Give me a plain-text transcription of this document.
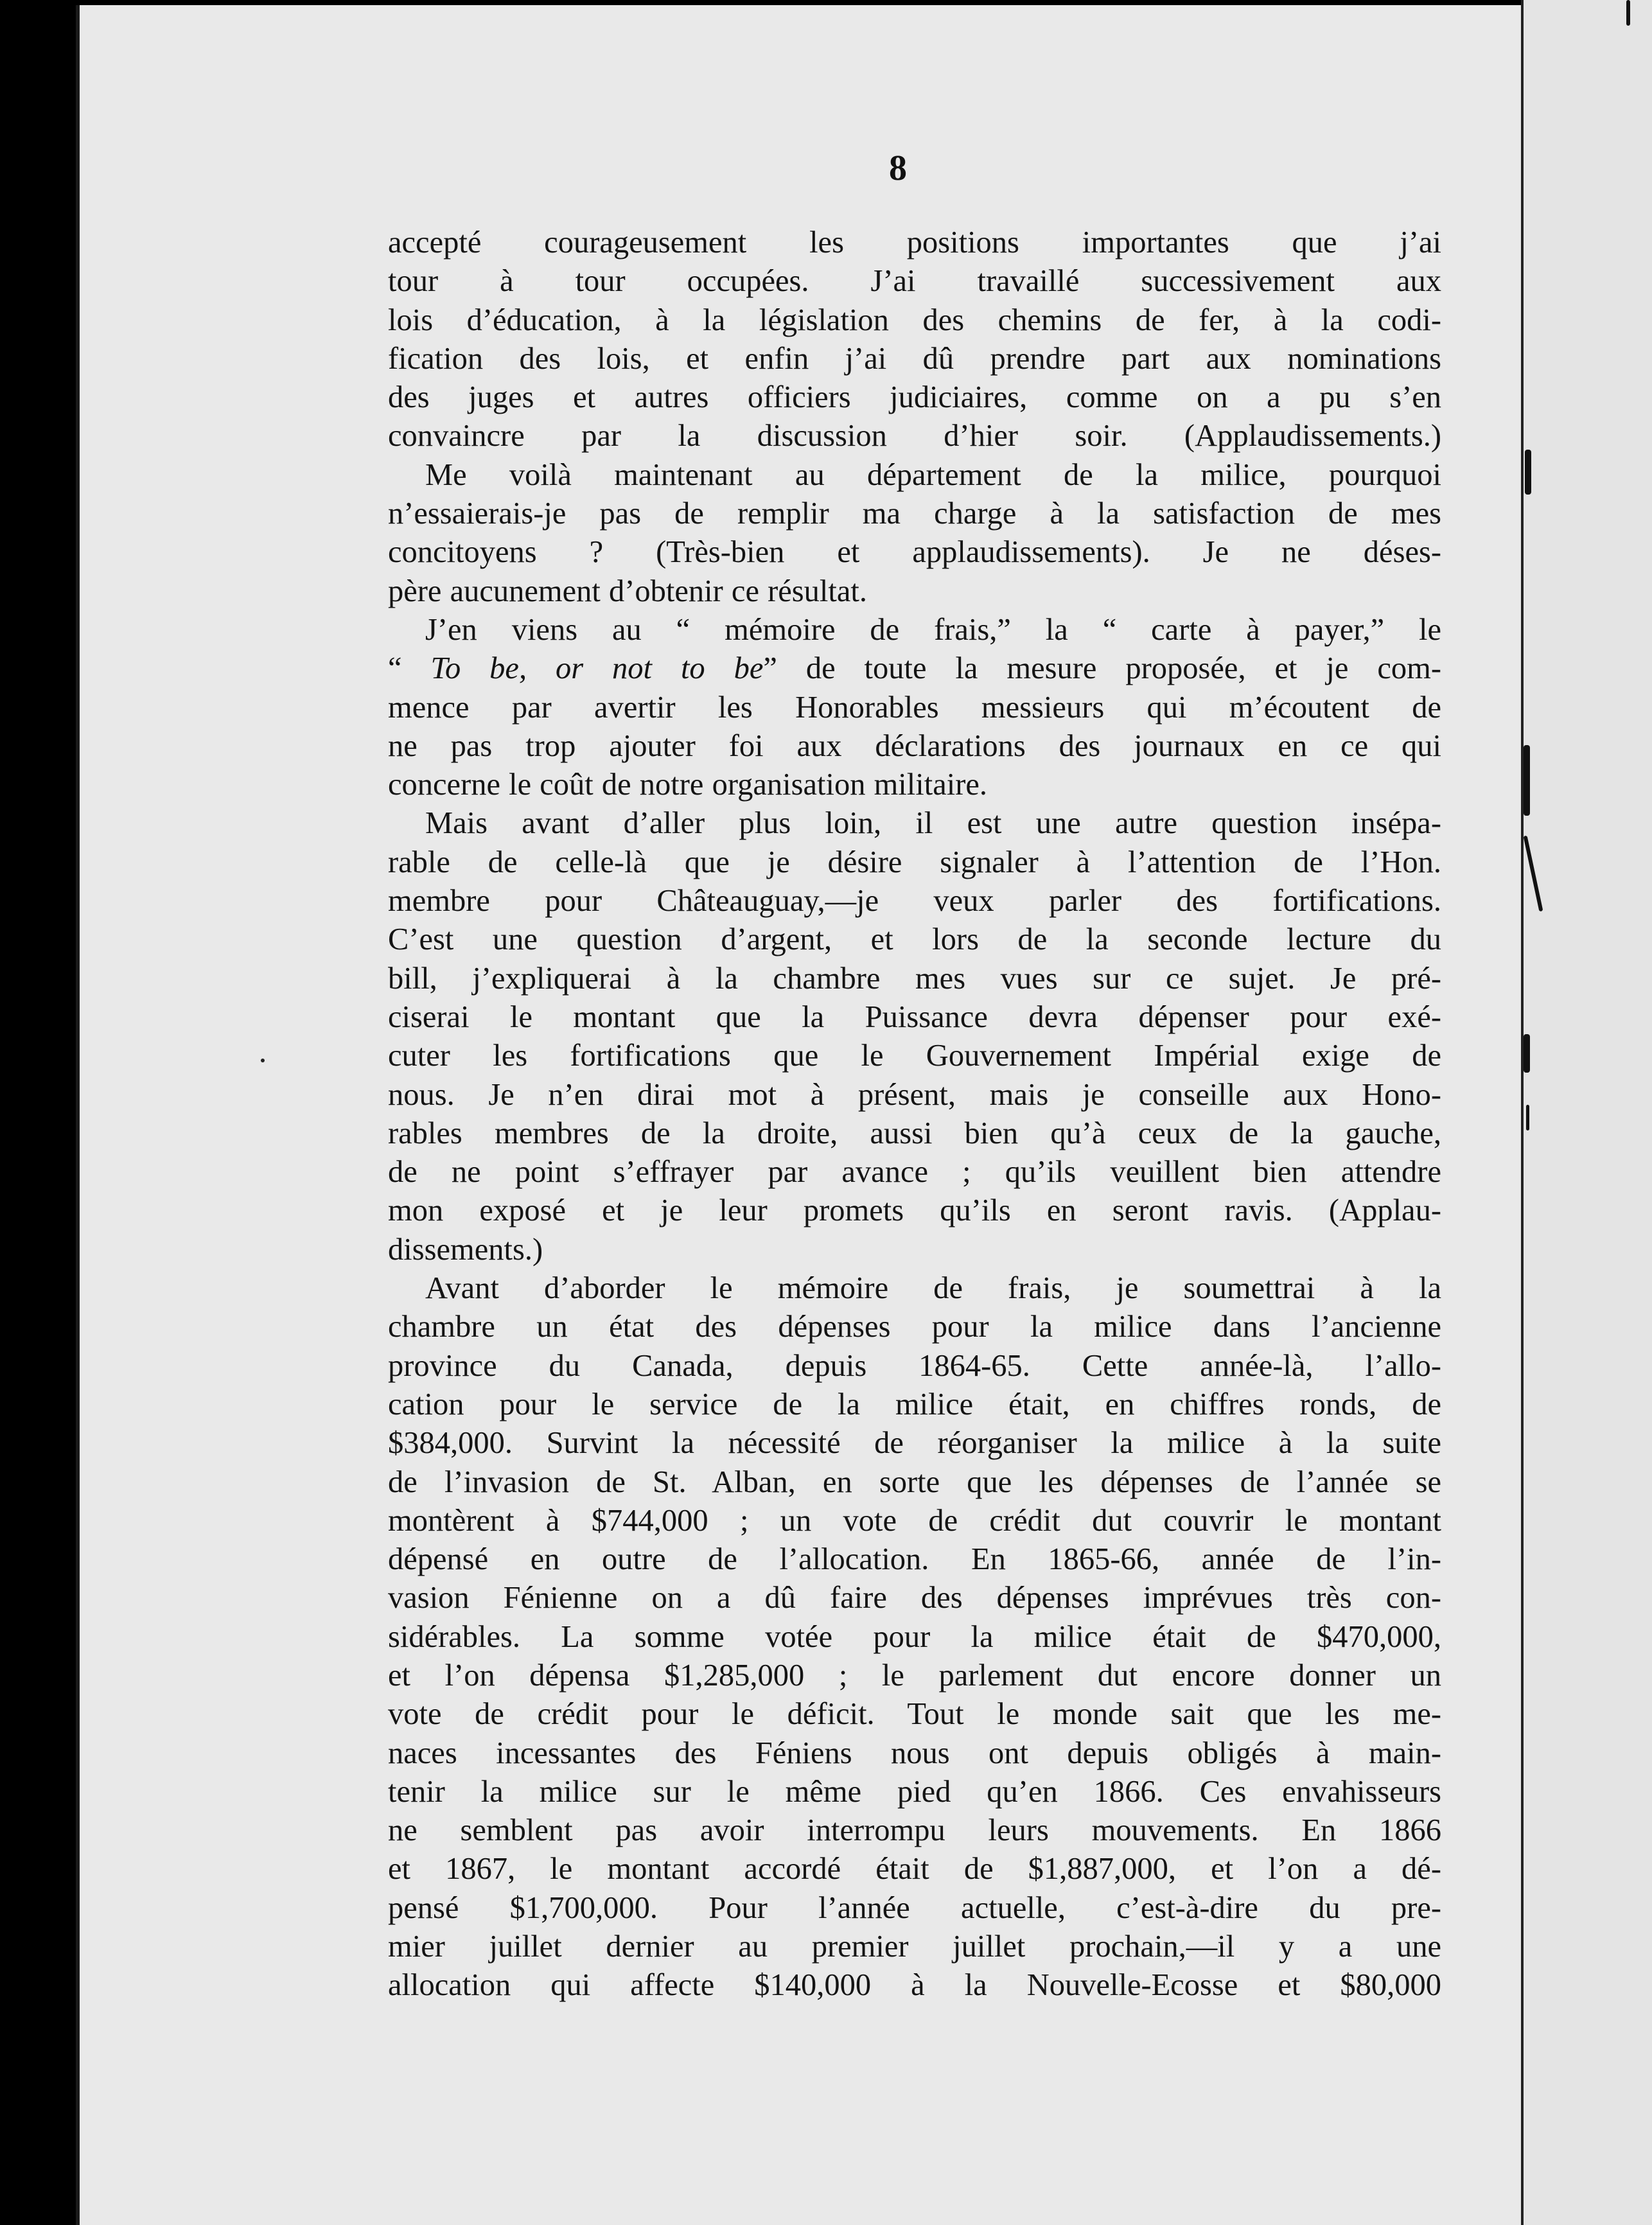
8
accepté courageusement les positions importantes que j’ai
tour à tour occupées. J’ai travaillé successivement aux
lois d’éducation, à la législation des chemins de fer, à la codi-
fication des lois, et enfin j’ai dû prendre part aux nominations
des juges et autres officiers judiciaires, comme on a pu s’en
convaincre par la discussion d’hier soir. (Applaudissements.)
Me voilà maintenant au département de la milice, pourquoi
n’essaierais-je pas de remplir ma charge à la satisfaction de mes
concitoyens ? (Très-bien et applaudissements). Je ne déses-
père aucunement d’obtenir ce résultat.
J’en viens au “ mémoire de frais,” la “ carte à payer,” le
“ To be, or not to be” de toute la mesure proposée, et je com-
mence par avertir les Honorables messieurs qui m’écoutent de
ne pas trop ajouter foi aux déclarations des journaux en ce qui
concerne le coût de notre organisation militaire.
Mais avant d’aller plus loin, il est une autre question insépa-
rable de celle-là que je désire signaler à l’attention de l’Hon.
membre pour Châteauguay,—je veux parler des fortifications.
C’est une question d’argent, et lors de la seconde lecture du
bill, j’expliquerai à la chambre mes vues sur ce sujet. Je pré-
ciserai le montant que la Puissance devra dépenser pour exé-
cuter les fortifications que le Gouvernement Impérial exige de
nous. Je n’en dirai mot à présent, mais je conseille aux Hono-
rables membres de la droite, aussi bien qu’à ceux de la gauche,
de ne point s’effrayer par avance ; qu’ils veuillent bien attendre
mon exposé et je leur promets qu’ils en seront ravis. (Applau-
dissements.)
Avant d’aborder le mémoire de frais, je soumettrai à la
chambre un état des dépenses pour la milice dans l’ancienne
province du Canada, depuis 1864-65. Cette année-là, l’allo-
cation pour le service de la milice était, en chiffres ronds, de
$384,000. Survint la nécessité de réorganiser la milice à la suite
de l’invasion de St. Alban, en sorte que les dépenses de l’année se
montèrent à $744,000 ; un vote de crédit dut couvrir le montant
dépensé en outre de l’allocation. En 1865-66, année de l’in-
vasion Fénienne on a dû faire des dépenses imprévues très con-
sidérables. La somme votée pour la milice était de $470,000,
et l’on dépensa $1,285,000 ; le parlement dut encore donner un
vote de crédit pour le déficit. Tout le monde sait que les me-
naces incessantes des Féniens nous ont depuis obligés à main-
tenir la milice sur le même pied qu’en 1866. Ces envahisseurs
ne semblent pas avoir interrompu leurs mouvements. En 1866
et 1867, le montant accordé était de $1,887,000, et l’on a dé-
pensé $1,700,000. Pour l’année actuelle, c’est-à-dire du pre-
mier juillet dernier au premier juillet prochain,—il y a une
allocation qui affecte $140,000 à la Nouvelle-Ecosse et $80,000
